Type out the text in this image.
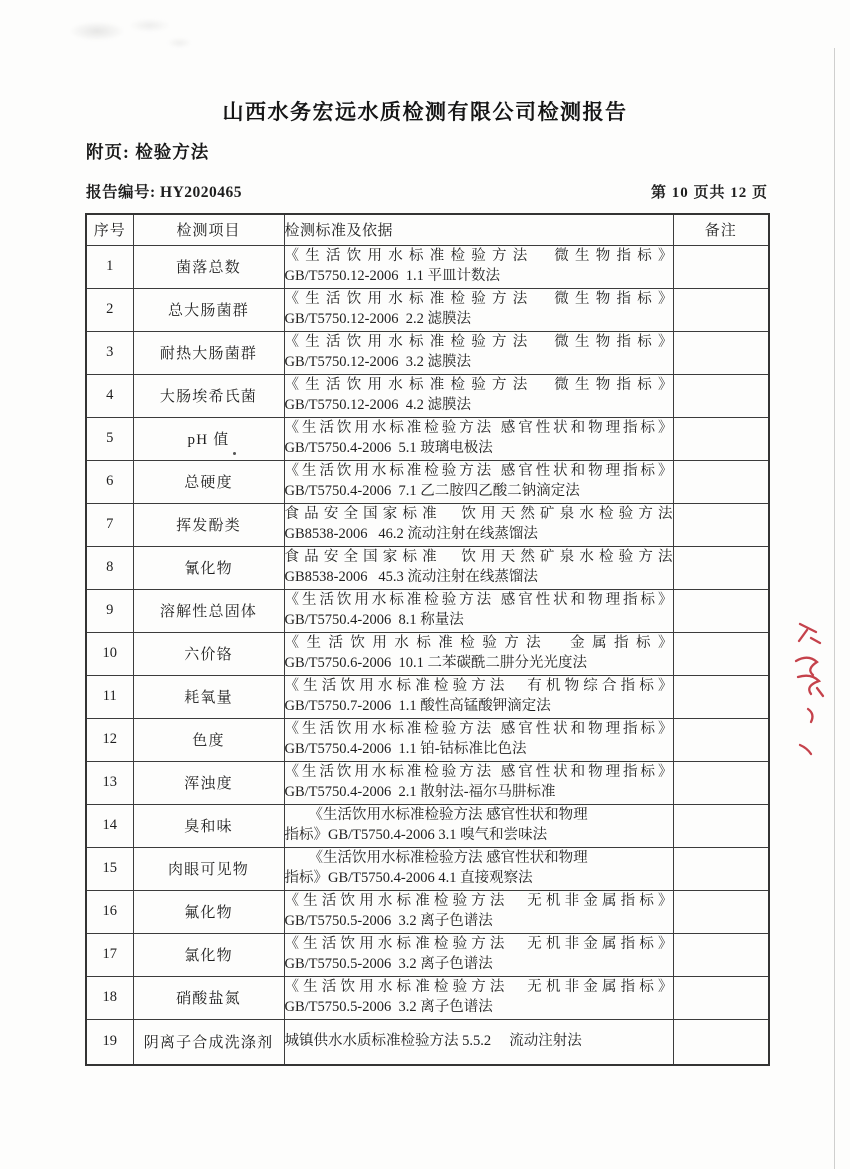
山西水务宏远水质检测有限公司检测报告
附页: 检验方法
报告编号: HY2020465	第 10 页共 12 页
序号	检测项目	检测标准及依据	备注
1	菌落总数	《生活饮用水标准检验方法　微生物指标》
GB/T5750.12-2006  1.1 平皿计数法	

2	总大肠菌群	《生活饮用水标准检验方法　微生物指标》
GB/T5750.12-2006  2.2 滤膜法	

3	耐热大肠菌群	《生活饮用水标准检验方法　微生物指标》
GB/T5750.12-2006  3.2 滤膜法	

4	大肠埃希氏菌	《生活饮用水标准检验方法　微生物指标》
GB/T5750.12-2006  4.2 滤膜法	

5	pH 值	《生活饮用水标准检验方法 感官性状和物理指标》
GB/T5750.4-2006  5.1 玻璃电极法	

6	总硬度	《生活饮用水标准检验方法 感官性状和物理指标》
GB/T5750.4-2006  7.1 乙二胺四乙酸二钠滴定法	

7	挥发酚类	食品安全国家标准　饮用天然矿泉水检验方法
GB8538-2006   46.2 流动注射在线蒸馏法	

8	氰化物	食品安全国家标准　饮用天然矿泉水检验方法
GB8538-2006   45.3 流动注射在线蒸馏法	

9	溶解性总固体	《生活饮用水标准检验方法 感官性状和物理指标》
GB/T5750.4-2006  8.1 称量法	

10	六价铬	《生活饮用水标准检验方法　金属指标》
GB/T5750.6-2006  10.1 二苯碳酰二肼分光光度法	

11	耗氧量	《生活饮用水标准检验方法　有机物综合指标》
GB/T5750.7-2006  1.1 酸性高锰酸钾滴定法	

12	色度	《生活饮用水标准检验方法 感官性状和物理指标》
GB/T5750.4-2006  1.1 铂-钴标准比色法	

13	浑浊度	《生活饮用水标准检验方法 感官性状和物理指标》
GB/T5750.4-2006  2.1 散射法-福尔马肼标准	

14	臭和味	《生活饮用水标准检验方法 感官性状和物理
指标》GB/T5750.4-2006 3.1 嗅气和尝味法	

15	肉眼可见物	《生活饮用水标准检验方法 感官性状和物理
指标》GB/T5750.4-2006 4.1 直接观察法	

16	氟化物	《生活饮用水标准检验方法　无机非金属指标》
GB/T5750.5-2006  3.2 离子色谱法	

17	氯化物	《生活饮用水标准检验方法　无机非金属指标》
GB/T5750.5-2006  3.2 离子色谱法	

18	硝酸盐氮	《生活饮用水标准检验方法　无机非金属指标》
GB/T5750.5-2006  3.2 离子色谱法	

19	阴离子合成洗涤剂	城镇供水水质标准检验方法 5.5.2　 流动注射法	
